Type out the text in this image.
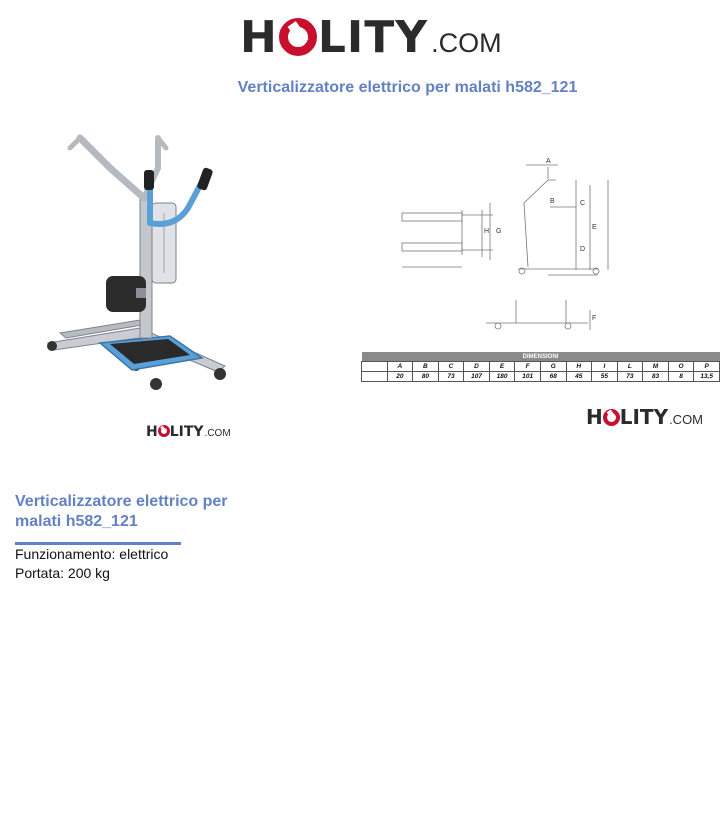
H LITY .COM
Verticalizzatore elettrico per malati h582_121
H LITY .COM
A
B	C
D
E
H G
F
DIMENSIONI													
	A	B	C	D	E	F	G	H	I	L	M	O	P
	20	80	73	107	180	101	68	45	55	73	83	8	13,5
H LITY .COM
Verticalizzatore elettrico per malati h582_121
Funzionamento: elettrico
Portata: 200 kg
